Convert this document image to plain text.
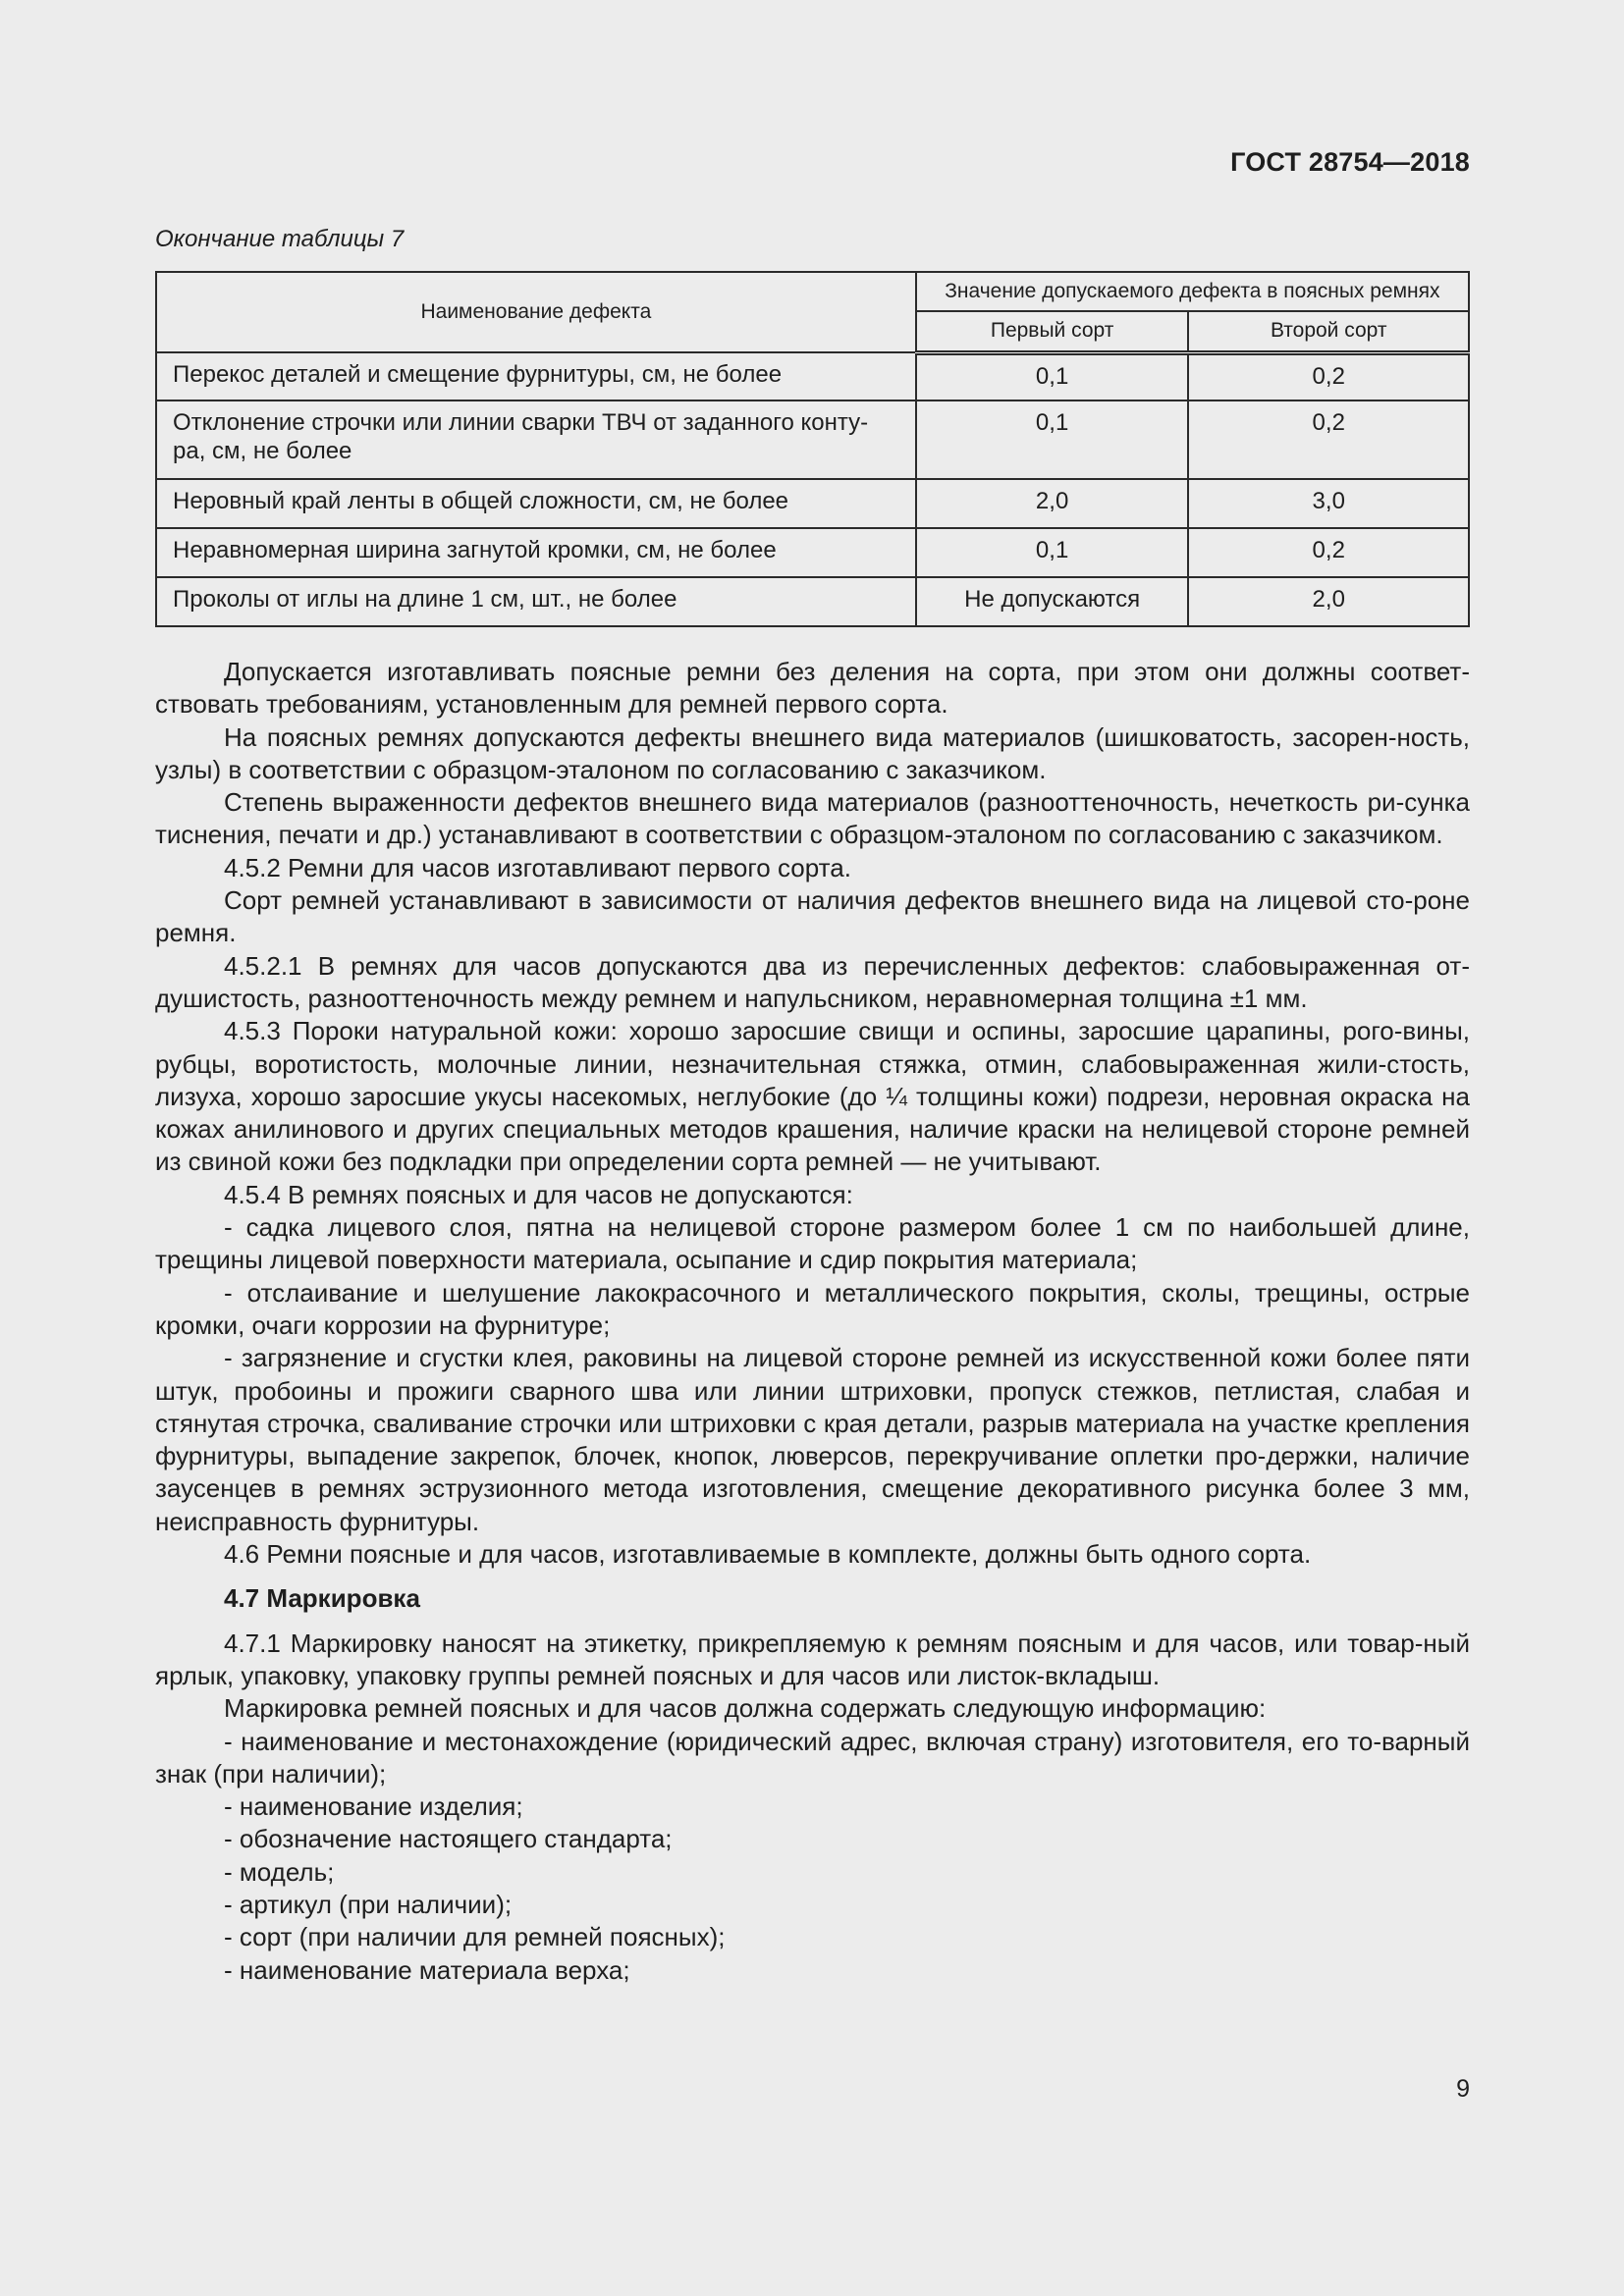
ГОСТ 28754—2018
Окончание таблицы 7
Наименование дефекта	Значение допускаемого дефекта в поясных ремнях	
	Первый сорт	Второй сорт
Перекос деталей и смещение фурнитуры, см, не более	0,1	0,2
Отклонение строчки или линии сварки ТВЧ от заданного конту-ра, см, не более	0,1	0,2
Неровный край ленты в общей сложности, см, не более	2,0	3,0
Неравномерная ширина загнутой кромки, см, не более	0,1	0,2
Проколы от иглы на длине 1 см, шт., не более	Не допускаются	2,0

Допускается изготавливать поясные ремни без деления на сорта, при этом они должны соответ-ствовать требованиям, установленным для ремней первого сорта.

На поясных ремнях допускаются дефекты внешнего вида материалов (шишковатость, засорен-ность, узлы) в соответствии с образцом-эталоном по согласованию с заказчиком.

Степень выраженности дефектов внешнего вида материалов (разнооттеночность, нечеткость ри-сунка тиснения, печати и др.) устанавливают в соответствии с образцом-эталоном по согласованию с заказчиком.

4.5.2 Ремни для часов изготавливают первого сорта.

Сорт ремней устанавливают в зависимости от наличия дефектов внешнего вида на лицевой сто-роне ремня.

4.5.2.1 В ремнях для часов допускаются два из перечисленных дефектов: слабовыраженная от-душистость, разнооттеночность между ремнем и напульсником, неравномерная толщина ±1 мм.

4.5.3 Пороки натуральной кожи: хорошо заросшие свищи и оспины, заросшие царапины, рого-вины, рубцы, воротистость, молочные линии, незначительная стяжка, отмин, слабовыраженная жили-стость, лизуха, хорошо заросшие укусы насекомых, неглубокие (до ¼ толщины кожи) подрези, неровная окраска на кожах анилинового и других специальных методов крашения, наличие краски на нелицевой стороне ремней из свиной кожи без подкладки при определении сорта ремней — не учитывают.

4.5.4 В ремнях поясных и для часов не допускаются:

- садка лицевого слоя, пятна на нелицевой стороне размером более 1 см по наибольшей длине, трещины лицевой поверхности материала, осыпание и сдир покрытия материала;

- отслаивание и шелушение лакокрасочного и металлического покрытия, сколы, трещины, острые кромки, очаги коррозии на фурнитуре;

- загрязнение и сгустки клея, раковины на лицевой стороне ремней из искусственной кожи более пяти штук, пробоины и прожиги сварного шва или линии штриховки, пропуск стежков, петлистая, слабая и стянутая строчка, сваливание строчки или штриховки с края детали, разрыв материала на участке крепления фурнитуры, выпадение закрепок, блочек, кнопок, люверсов, перекручивание оплетки про-держки, наличие заусенцев в ремнях эструзионного метода изготовления, смещение декоративного рисунка более 3 мм, неисправность фурнитуры.

4.6 Ремни поясные и для часов, изготавливаемые в комплекте, должны быть одного сорта.

4.7 Маркировка

4.7.1 Маркировку наносят на этикетку, прикрепляемую к ремням поясным и для часов, или товар-ный ярлык, упаковку, упаковку группы ремней поясных и для часов или листок-вкладыш.

Маркировка ремней поясных и для часов должна содержать следующую информацию:

- наименование и местонахождение (юридический адрес, включая страну) изготовителя, его то-варный знак (при наличии);

- наименование изделия;

- обозначение настоящего стандарта;

- модель;

- артикул (при наличии);

- сорт (при наличии для ремней поясных);

- наименование материала верха;

9
